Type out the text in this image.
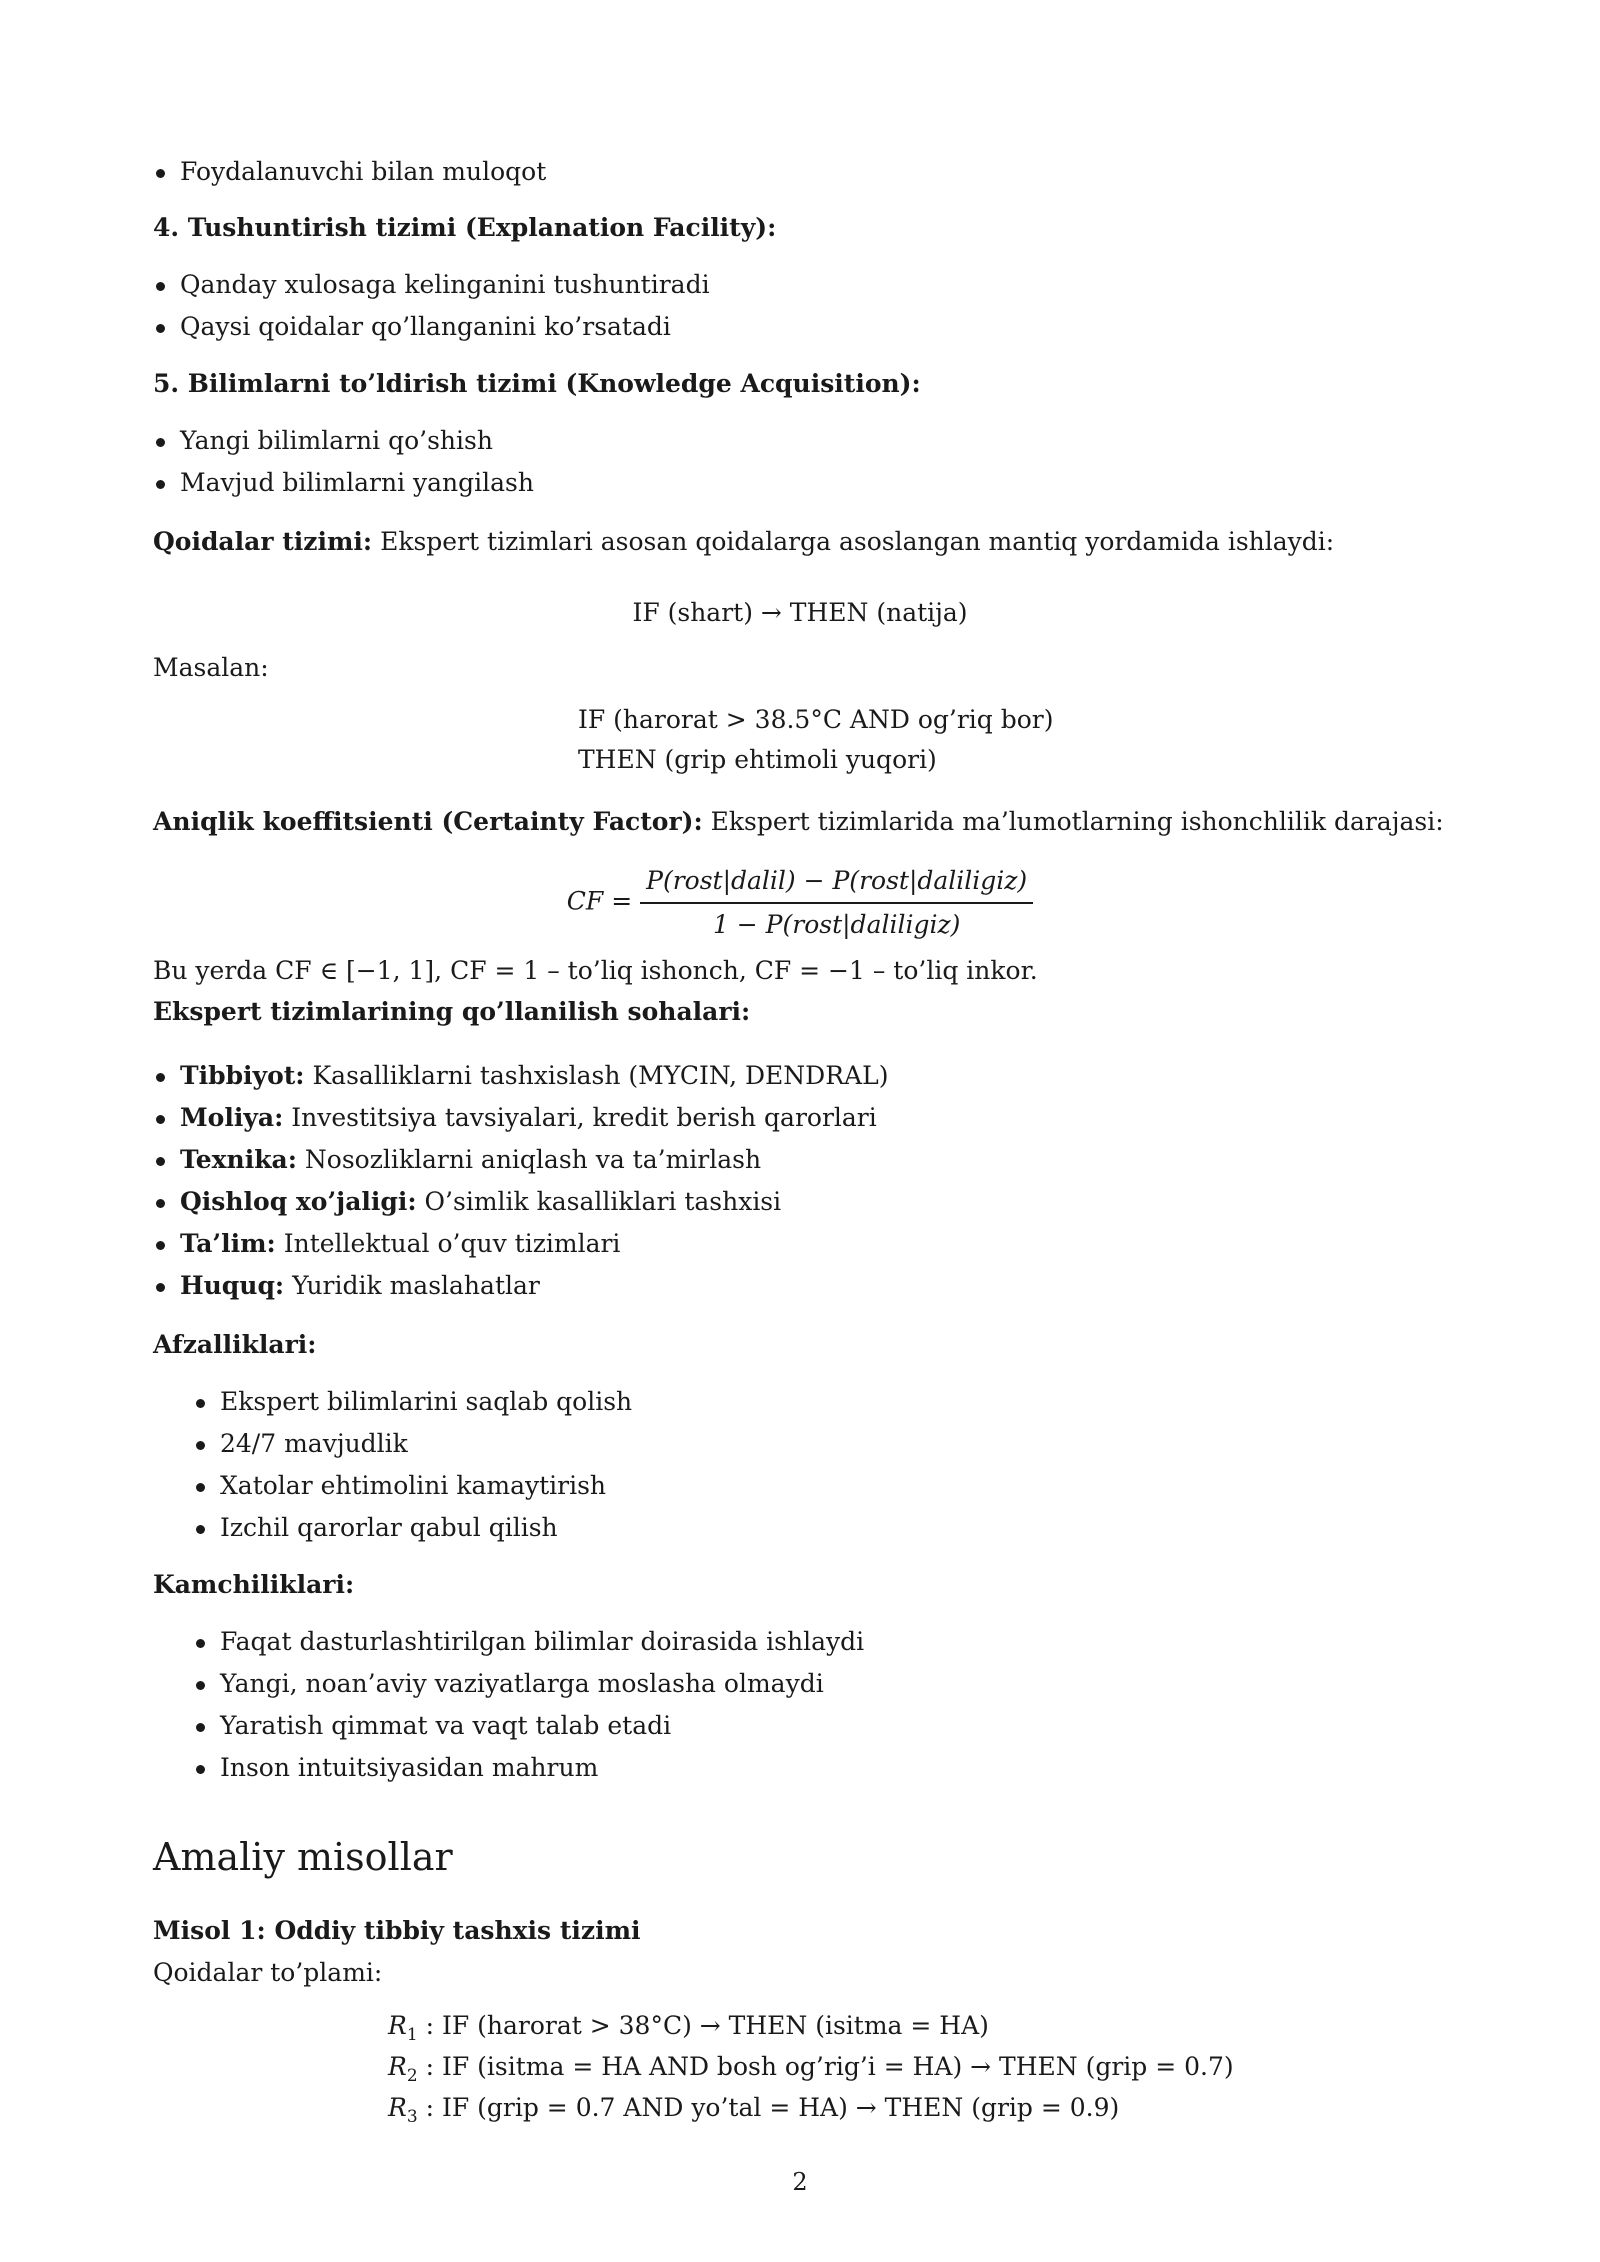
Foydalanuvchi bilan muloqot
4. Tushuntirish tizimi (Explanation Facility):
Qanday xulosaga kelinganini tushuntiradi
Qaysi qoidalar qo’llanganini ko’rsatadi
5. Bilimlarni to’ldirish tizimi (Knowledge Acquisition):
Yangi bilimlarni qo’shish
Mavjud bilimlarni yangilash
Qoidalar tizimi: Ekspert tizimlari asosan qoidalarga asoslangan mantiq yordamida ishlaydi:
IF (shart) → THEN (natija)
Masalan:
IF (harorat > 38.5°C AND og’riq bor)
THEN (grip ehtimoli yuqori)
Aniqlik koeffitsienti (Certainty Factor): Ekspert tizimlarida ma’lumotlarning ishonchlilik darajasi:
CF = $\frac{\text{P(rost|dalil) − P(rost|daliligiz)}}{\text{1 − P(rost|daliligiz)}}$
Bu yerda CF ∈ [−1, 1], CF = 1 – to’liq ishonch, CF = −1 – to’liq inkor.
Ekspert tizimlarining qo’llanilish sohalari:
Tibbiyot: Kasalliklarni tashxislash (MYCIN, DENDRAL)
Moliya: Investitsiya tavsiyalari, kredit berish qarorlari
Texnika: Nosozliklarni aniqlash va ta’mirlash
Qishloq xo’jaligi: O’simlik kasalliklari tashxisi
Ta’lim: Intellektual o’quv tizimlari
Huquq: Yuridik maslahatlar
Afzalliklari:
Ekspert bilimlarini saqlab qolish
24/7 mavjudlik
Xatolar ehtimolini kamaytirish
Izchil qarorlar qabul qilish
Kamchiliklari:
Faqat dasturlashtirilgan bilimlar doirasida ishlaydi
Yangi, noan’aviy vaziyatlarga moslasha olmaydi
Yaratish qimmat va vaqt talab etadi
Inson intuitsiyasidan mahrum
Amaliy misollar
Misol 1: Oddiy tibbiy tashxis tizimi
Qoidalar to’plami:
$R_1$ : IF (harorat > 38°C) → THEN (isitma = HA)
$R_2$ : IF (isitma = HA AND bosh og’rig’i = HA) → THEN (grip = 0.7)
$R_3$ : IF (grip = 0.7 AND yo’tal = HA) → THEN (grip = 0.9)
2
